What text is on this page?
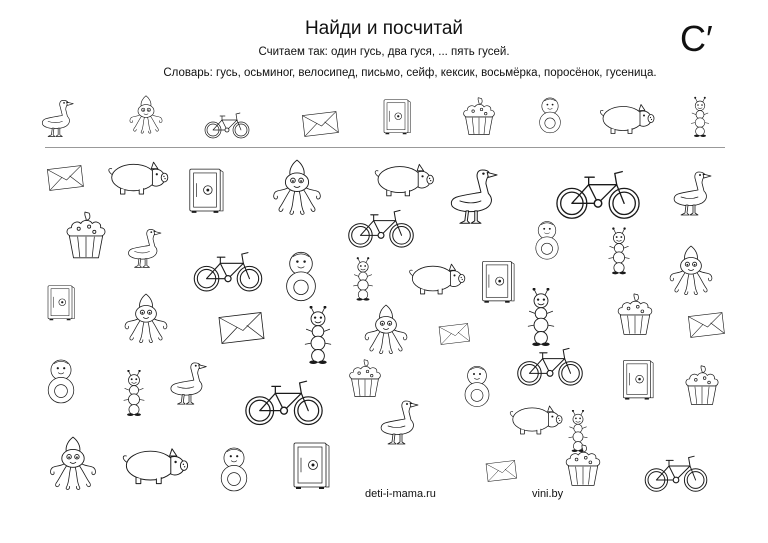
Найди и посчитай
Считаем так: один гусь, два гуся, ... пять гусей.
Словарь: гусь, осьминог, велосипед, письмо, сейф, кексик, восьмёрка, поросёнок, гусеница.
С′
deti-i-mama.ru	vini.by
